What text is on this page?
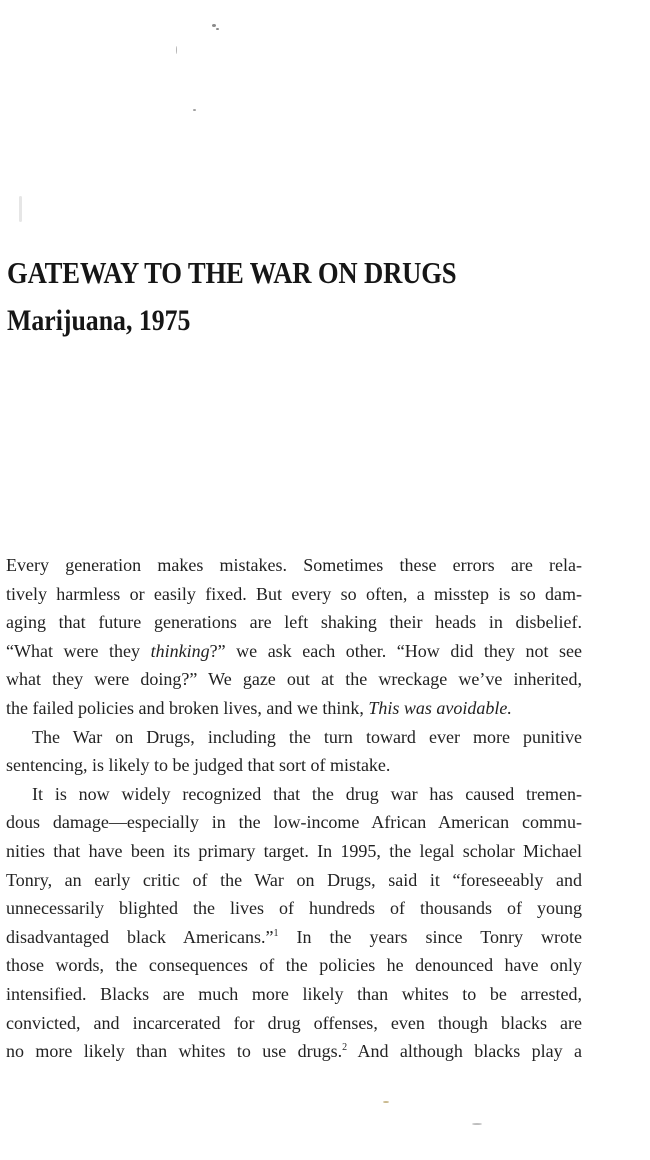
GATEWAY TO THE WAR ON DRUGS
Marijuana, 1975
Every generation makes mistakes. Sometimes these errors are rela-
tively harmless or easily fixed. But every so often, a misstep is so dam-
aging that future generations are left shaking their heads in disbelief.
“What were they thinking?” we ask each other. “How did they not see
what they were doing?” We gaze out at the wreckage we’ve inherited,
the failed policies and broken lives, and we think, This was avoidable.
The War on Drugs, including the turn toward ever more punitive
sentencing, is likely to be judged that sort of mistake.
It is now widely recognized that the drug war has caused tremen-
dous damage—especially in the low-income African American commu-
nities that have been its primary target. In 1995, the legal scholar Michael
Tonry, an early critic of the War on Drugs, said it “foreseeably and
unnecessarily blighted the lives of hundreds of thousands of young
disadvantaged black Americans.”$^1$ In the years since Tonry wrote
those words, the consequences of the policies he denounced have only
intensified. Blacks are much more likely than whites to be arrested,
convicted, and incarcerated for drug offenses, even though blacks are
no more likely than whites to use drugs.$^2$ And although blacks play a
